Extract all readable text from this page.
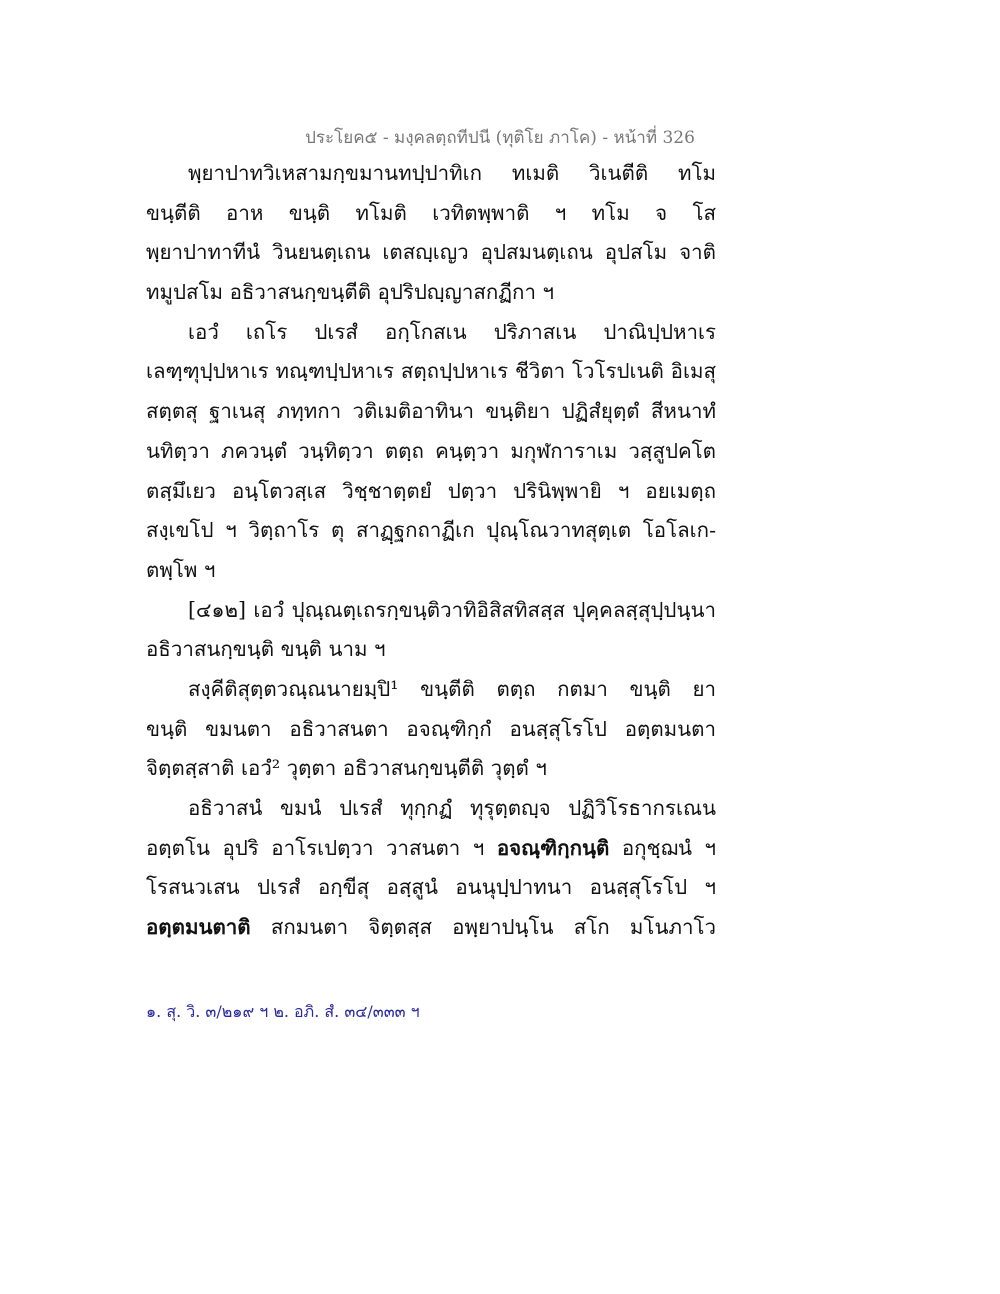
ประโยค๕ - มงฺคลตฺถทีปนี (ทุติโย ภาโค) - หน้าที่ 326
พฺยาปาทวิเหสามกฺขมานทปฺปาทิเก ทเมติ วิเนตีติ ทโม
ขนฺตีติ อาห ขนฺติ ทโมติ เวทิตพฺพาติ ฯ ทโม จ โส
พฺยาปาทาทีนํ วินยนตฺเถน เตสญฺเญว อุปสมนตฺเถน อุปสโม จาติ
ทมูปสโม อธิวาสนกฺขนฺตีติ อุปริปญฺญาสกฏีกา ฯ
เอวํ เถโร ปเรสํ อกฺโกสเน ปริภาสเน ปาณิปฺปหาเร
เลฑฺฑุปฺปหาเร ทณฺฑปฺปหาเร สตฺถปฺปหาเร ชีวิตา โวโรปเนติ อิเมสุ
สตฺตสุ ฐาเนสุ ภทฺทกา วติเมติอาทินา ขนฺติยา ปฏิสํยุตฺตํ สีหนาทํ
นทิตฺวา ภควนฺตํ วนฺทิตฺวา ตตฺถ คนฺตฺวา มกุฬการาเม วสฺสูปคโต
ตสฺมึเยว อนฺโตวสฺเส วิชฺชาตฺตยํ ปตฺวา ปรินิพฺพายิ ฯ อยเมตฺถ
สงฺเขโป ฯ วิตฺถาโร ตุ สาฏฺฐกถาฏีเก ปุณฺโณวาทสุตฺเต โอโลเก-
ตพฺโพ ฯ
[๔๑๒] เอวํ ปุณฺณตฺเถรกฺขนฺติวาทิอิสิสทิสสฺส ปุคฺคลสฺสุปฺปนฺนา
อธิวาสนกฺขนฺติ ขนฺติ นาม ฯ
สงฺคีติสุตฺตวณฺณนายมฺปิ¹ ขนฺตีติ ตตฺถ กตมา ขนฺติ ยา
ขนฺติ ขมนตา อธิวาสนตา อจณฺฑิกฺกํ อนสฺสุโรโป อตฺตมนตา
จิตฺตสฺสาติ เอวํ² วุตฺตา อธิวาสนกฺขนฺตีติ วุตฺตํ ฯ
อธิวาสนํ ขมนํ ปเรสํ ทุกฺกฏํ ทุรุตฺตญฺจ ปฏิวิโรธากรเณน
อตฺตโน อุปริ อาโรเปตฺวา วาสนตา ฯ อจณฺฑิกฺกนฺติ อกุชฺฌนํ ฯ
โรสนวเสน ปเรสํ อกฺขีสุ อสฺสูนํ อนนุปฺปาทนา อนสฺสุโรโป ฯ
อตฺตมนตาติ สกมนตา จิตฺตสฺส อพฺยาปนฺโน สโก มโนภาโว
๑. สุ. วิ. ๓/๒๑๙ ฯ ๒. อภิ. สํ. ๓๔/๓๓๓ ฯ
